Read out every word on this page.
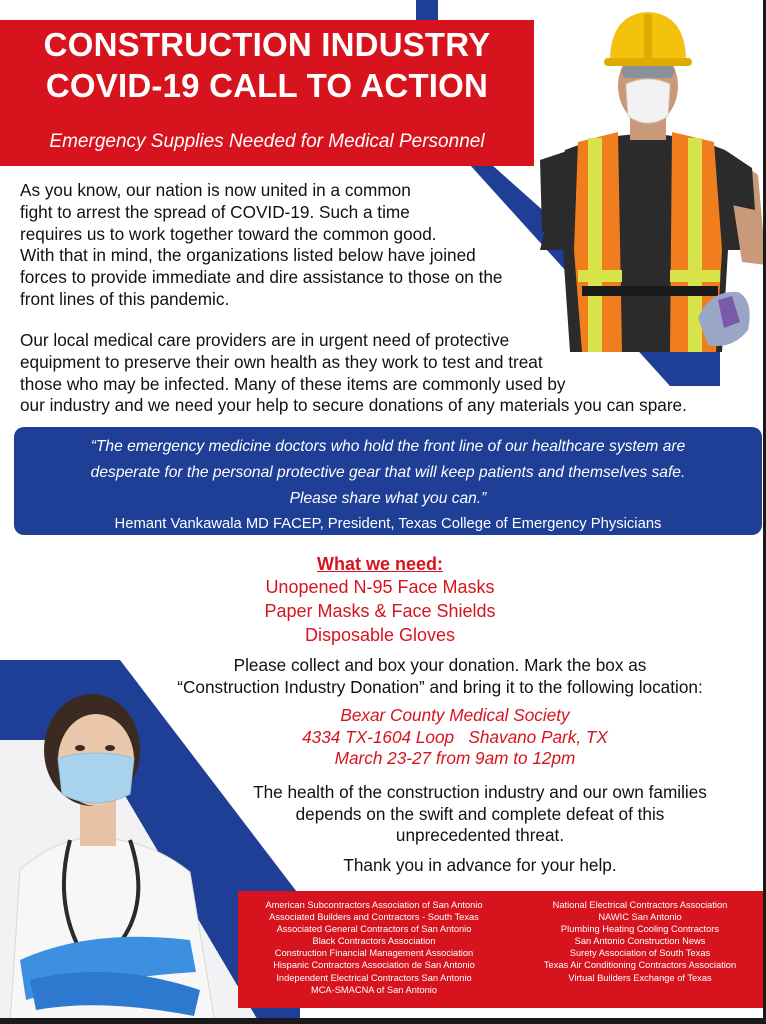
CONSTRUCTION INDUSTRY
COVID-19 CALL TO ACTION
Emergency Supplies Needed for Medical Personnel
As you know, our nation is now united in a common
fight to arrest the spread of COVID-19. Such a time
requires us to work together toward the common good.
With that in mind, the organizations listed below have joined
forces to provide immediate and dire assistance to those on the
front lines of this pandemic.
Our local medical care providers are in urgent need of protective
equipment to preserve their own health as they work to test and treat
those who may be infected. Many of these items are commonly used by
our industry and we need your help to secure donations of any materials you can spare.
“The emergency medicine doctors who hold the front line of our healthcare system are
desperate for the personal protective gear that will keep patients and themselves safe.
Please share what you can.”
Hemant Vankawala MD FACEP, President, Texas College of Emergency Physicians
What we need:
Unopened N-95 Face Masks
Paper Masks & Face Shields
Disposable Gloves
Please collect and box your donation. Mark the box as
“Construction Industry Donation” and bring it to the following location:
Bexar County Medical Society
4334 TX-1604 Loop   Shavano Park, TX
March 23-27 from 9am to 12pm
The health of the construction industry and our own families
depends on the swift and complete defeat of this
unprecedented threat.
Thank you in advance for your help.
American Subcontractors Association of San Antonio
Associated Builders and Contractors - South Texas
Associated General Contractors of San Antonio
Black Contractors Association
Construction Financial Management Association
Hispanic Contractors Association de San Antonio
Independent Electrical Contractors San Antonio
MCA-SMACNA of San Antonio
National Electrical Contractors Association
NAWIC San Antonio
Plumbing Heating Cooling Contractors
San Antonio Construction News
Surety Association of South Texas
Texas Air Conditioning Contractors Association
Virtual Builders Exchange of Texas
